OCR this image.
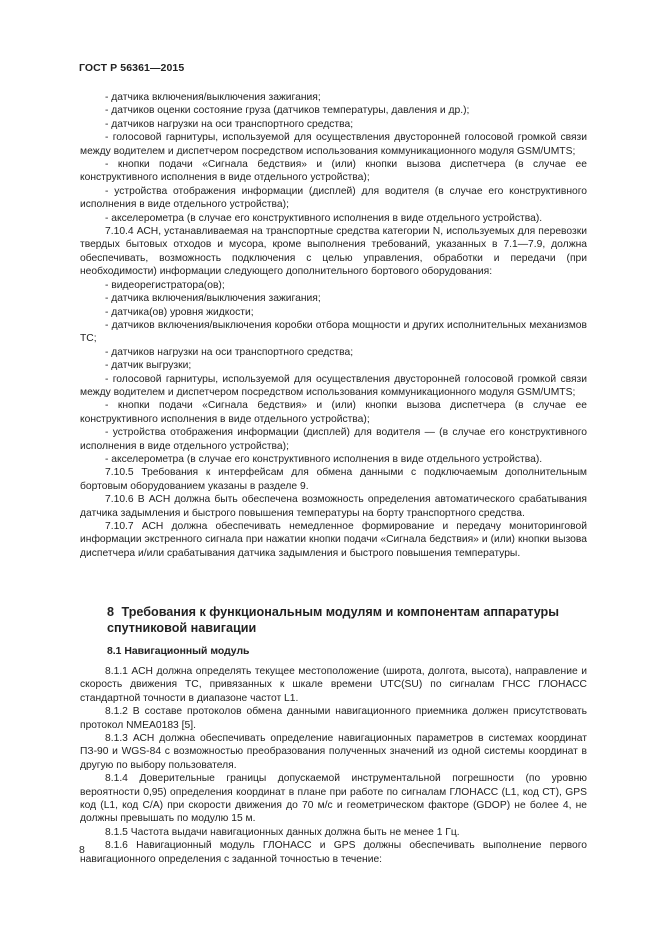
ГОСТ Р 56361—2015

- датчика включения/выключения зажигания;

- датчиков оценки состояние груза (датчиков температуры, давления и др.);

- датчиков нагрузки на оси транспортного средства;

- голосовой гарнитуры, используемой для осуществления двусторонней голосовой громкой связи между водителем и диспетчером посредством использования коммуникационного модуля GSM/UMTS;

- кнопки подачи «Сигнала бедствия» и (или) кнопки вызова диспетчера (в случае ее конструктивного исполнения в виде отдельного устройства);

- устройства отображения информации (дисплей) для водителя (в случае его конструктивного исполнения в виде отдельного устройства);

- акселерометра (в случае его конструктивного исполнения в виде отдельного устройства).

7.10.4 АСН, устанавливаемая на транспортные средства категории N, используемых для перевозки твердых бытовых отходов и мусора, кроме выполнения требований, указанных в 7.1—7.9, должна обеспечивать, возможность подключения с целью управления, обработки и передачи (при необходимости) информации следующего дополнительного бортового оборудования:

- видеорегистратора(ов);

- датчика включения/выключения зажигания;

- датчика(ов) уровня жидкости;

- датчиков включения/выключения коробки отбора мощности и других исполнительных механизмов ТС;

- датчиков нагрузки на оси транспортного средства;

- датчик выгрузки;

- голосовой гарнитуры, используемой для осуществления двусторонней голосовой громкой связи между водителем и диспетчером посредством использования коммуникационного модуля GSM/UMTS;

- кнопки подачи «Сигнала бедствия» и (или) кнопки вызова диспетчера (в случае ее конструктивного исполнения в виде отдельного устройства);

- устройства отображения информации (дисплей) для водителя — (в случае его конструктивного исполнения в виде отдельного устройства);

- акселерометра (в случае его конструктивного исполнения в виде отдельного устройства).

7.10.5 Требования к интерфейсам для обмена данными с подключаемым дополнительным бортовым оборудованием указаны в разделе 9.

7.10.6 В АСН должна быть обеспечена возможность определения автоматического срабатывания датчика задымления и быстрого повышения температуры на борту транспортного средства.

7.10.7 АСН должна обеспечивать немедленное формирование и передачу мониторинговой информации экстренного сигнала при нажатии кнопки подачи «Сигнала бедствия» и (или) кнопки вызова диспетчера и/или срабатывания датчика задымления и быстрого повышения температуры.

8 Требования к функциональным модулям и компонентам аппаратуры спутниковой навигации
8.1 Навигационный модуль

8.1.1 АСН должна определять текущее местоположение (широта, долгота, высота), направление и скорость движения ТС, привязанных к шкале времени UTC(SU) по сигналам ГНСС ГЛОНАСС стандартной точности в диапазоне частот L1.

8.1.2 В составе протоколов обмена данными навигационного приемника должен присутствовать протокол NMEA0183 [5].

8.1.3 АСН должна обеспечивать определение навигационных параметров в системах координат ПЗ-90 и WGS-84 с возможностью преобразования полученных значений из одной системы координат в другую по выбору пользователя.

8.1.4 Доверительные границы допускаемой инструментальной погрешности (по уровню вероятности 0,95) определения координат в плане при работе по сигналам ГЛОНАСС (L1, код СТ), GPS код (L1, код С/А) при скорости движения до 70 м/с и геометрическом факторе (GDOP) не более 4, не должны превышать по модулю 15 м.

8.1.5 Частота выдачи навигационных данных должна быть не менее 1 Гц.

8.1.6 Навигационный модуль ГЛОНАСС и GPS должны обеспечивать выполнение первого навигационного определения с заданной точностью в течение:

8
